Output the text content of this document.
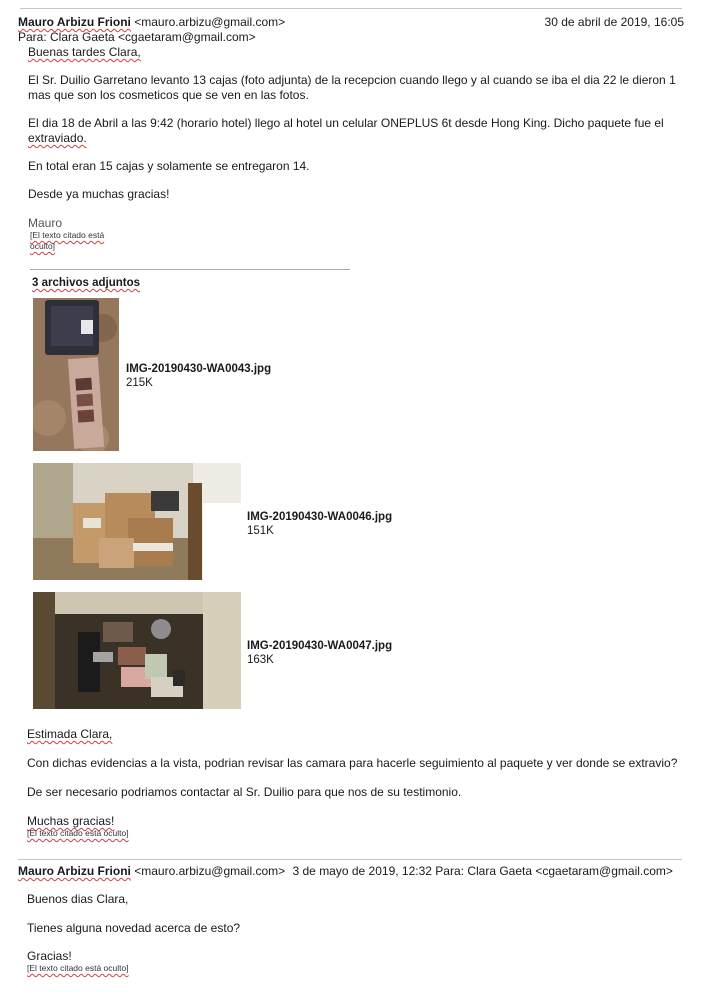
Mauro Arbizu Frioni <mauro.arbizu@gmail.com>	30 de abril de 2019, 16:05
Para: Clara Gaeta <cgaetaram@gmail.com>
Buenas tardes Clara,
El Sr. Duilio Garretano levanto 13 cajas (foto adjunta) de la recepcion cuando llego y al cuando se iba el dia 22 le dieron 1
mas que son los cosmeticos que se ven en las fotos.
El dia 18 de Abril a las 9:42 (horario hotel) llego al hotel un celular ONEPLUS 6t desde Hong King. Dicho paquete fue el
extraviado.
En total eran 15 cajas y solamente se entregaron 14.
Desde ya muchas gracias!
Mauro
[El texto citado está
oculto]
3 archivos adjuntos
IMG-20190430-WA0043.jpg
215K
IMG-20190430-WA0046.jpg
151K
IMG-20190430-WA0047.jpg
163K
Estimada Clara,
Con dichas evidencias a la vista, podrian revisar las camara para hacerle seguimiento al paquete y ver donde se extravio?
De ser necesario podriamos contactar al Sr. Duilio para que nos de su testimonio.
Muchas gracias!
[El texto citado está oculto]
Mauro Arbizu Frioni <mauro.arbizu@gmail.com> 3 de mayo de 2019, 12:32 Para: Clara Gaeta <cgaetaram@gmail.com>
Buenos dias Clara,
Tienes alguna novedad acerca de esto?
Gracias!
[El texto citado está oculto]
